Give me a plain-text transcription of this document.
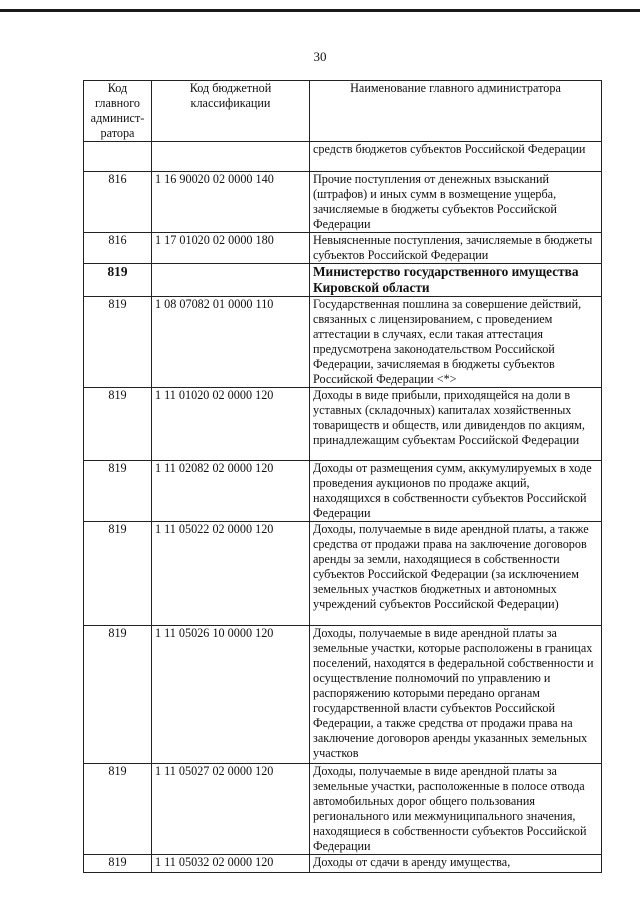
30
Код главного админист-ратора	Код бюджетной классификации	Наименование главного администратора
		средств бюджетов субъектов Российской Федерации
816	1 16 90020 02 0000 140	Прочие поступления от денежных взысканий (штрафов) и иных сумм в возмещение ущерба, зачисляемые в бюджеты субъектов Российской Федерации
816	1 17 01020 02 0000 180	Невыясненные поступления, зачисляемые в бюджеты субъектов Российской Федерации
819		Министерство государственного имущества Кировской области
819	1 08 07082 01 0000 110	Государственная пошлина за совершение действий, связанных с лицензированием, с проведением аттестации в случаях, если такая аттестация предусмотрена законодательством Российской Федерации, зачисляемая в бюджеты субъектов Российской Федерации <*>
819	1 11 01020 02 0000 120	Доходы в виде прибыли, приходящейся на доли в уставных (складочных) капиталах хозяйственных товариществ и обществ, или дивидендов по акциям, принадлежащим субъектам Российской Федерации
819	1 11 02082 02 0000 120	Доходы от размещения сумм, аккумулируемых в ходе проведения аукционов по продаже акций, находящихся в собственности субъектов Российской Федерации
819	1 11 05022 02 0000 120	Доходы, получаемые в виде арендной платы, а также средства от продажи права на заключение договоров аренды за земли, находящиеся в собственности субъектов Российской Федерации (за исключением земельных участков бюджетных и автономных учреждений субъектов Российской Федерации)
819	1 11 05026 10 0000 120	Доходы, получаемые в виде арендной платы за земельные участки, которые расположены в границах поселений, находятся в федеральной собственности и осуществление полномочий по управлению и распоряжению которыми передано органам государственной власти субъектов Российской Федерации, а также средства от продажи права на заключение договоров аренды указанных земельных участков
819	1 11 05027 02 0000 120	Доходы, получаемые в виде арендной платы за земельные участки, расположенные в полосе отвода автомобильных дорог общего пользования регионального или межмуниципального значения, находящиеся в собственности субъектов Российской Федерации
819	1 11 05032 02 0000 120	Доходы от сдачи в аренду имущества,
